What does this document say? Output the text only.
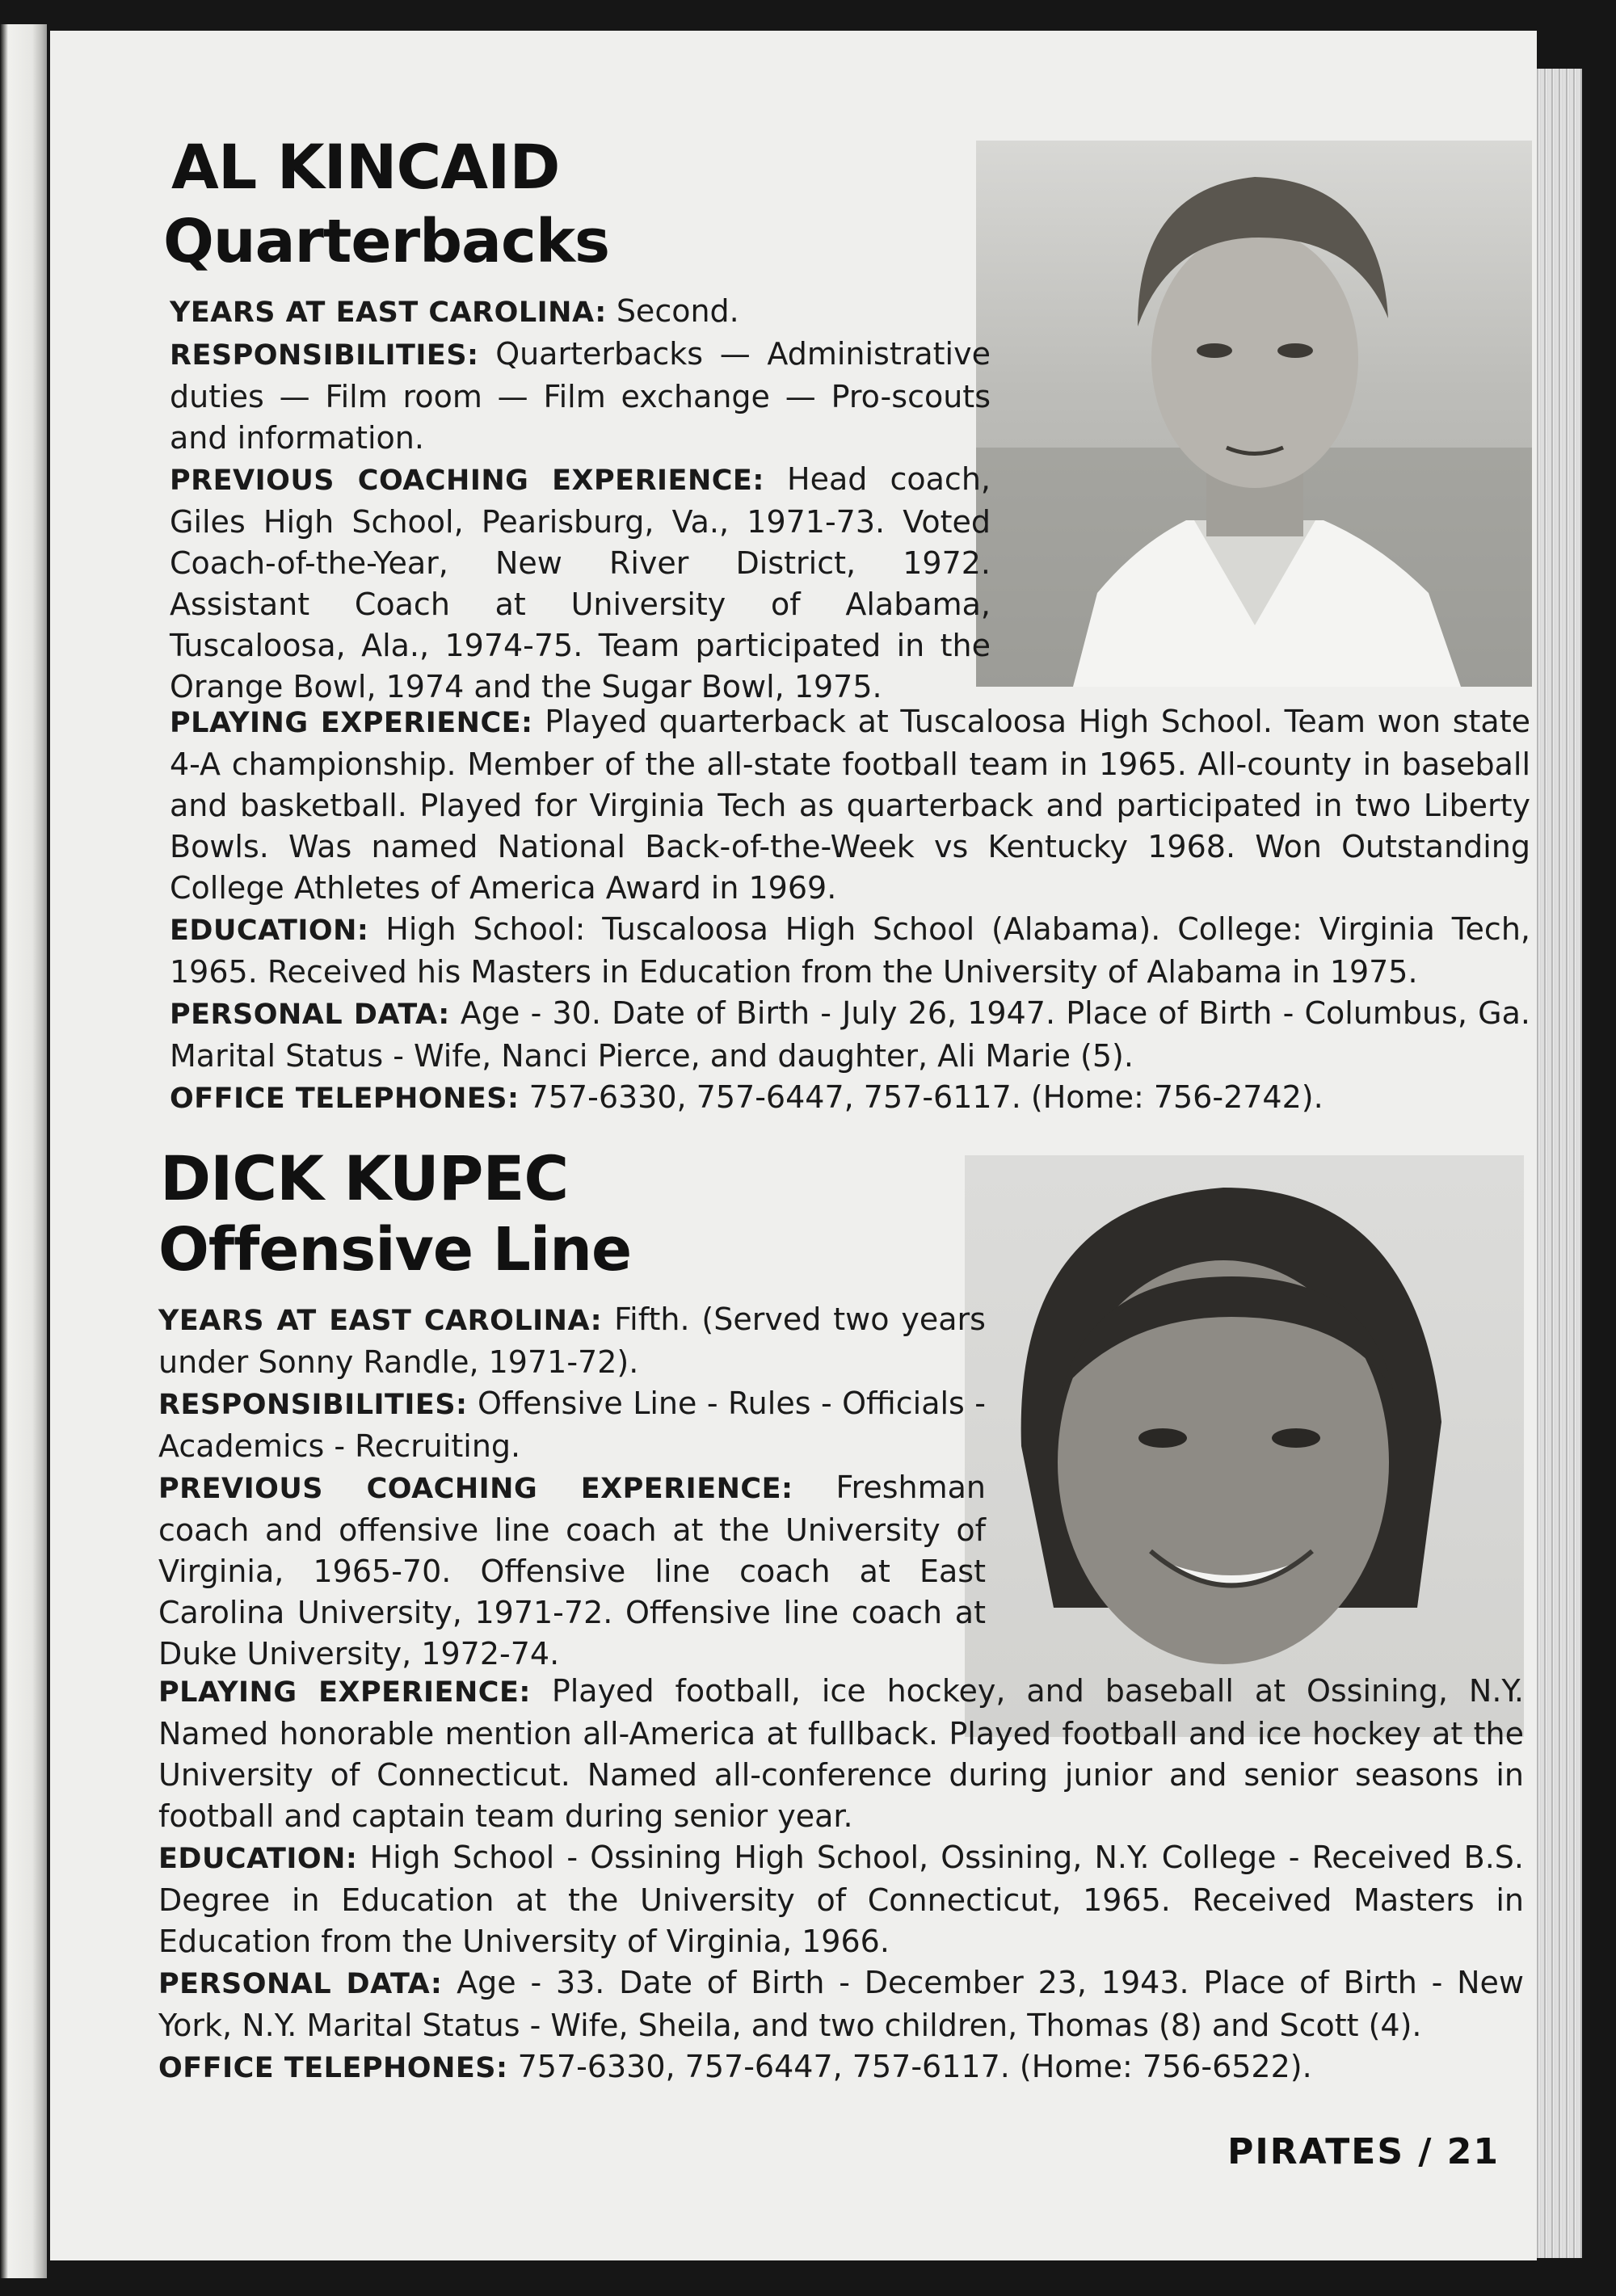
AL KINCAID
Quarterbacks

YEARS AT EAST CAROLINA: Second.

RESPONSIBILITIES: Quarterbacks — Administrative duties — Film room — Film exchange — Pro-scouts and information.

PREVIOUS COACHING EXPERIENCE: Head coach, Giles High School, Pearisburg, Va., 1971-73. Voted Coach-of-the-Year, New River District, 1972. Assistant Coach at University of Alabama, Tuscaloosa, Ala., 1974-75. Team participated in the Orange Bowl, 1974 and the Sugar Bowl, 1975.

PLAYING EXPERIENCE: Played quarterback at Tuscaloosa High School. Team won state 4-A championship. Member of the all-state football team in 1965. All-county in baseball and basketball. Played for Virginia Tech as quarterback and participated in two Liberty Bowls. Was named National Back-of-the-Week vs Kentucky 1968. Won Outstanding College Athletes of America Award in 1969.

EDUCATION: High School: Tuscaloosa High School (Alabama). College: Virginia Tech, 1965. Received his Masters in Education from the University of Alabama in 1975.

PERSONAL DATA: Age - 30. Date of Birth - July 26, 1947. Place of Birth - Columbus, Ga. Marital Status - Wife, Nanci Pierce, and daughter, Ali Marie (5).

OFFICE TELEPHONES: 757-6330, 757-6447, 757-6117. (Home: 756-2742).

DICK KUPEC
Offensive Line

YEARS AT EAST CAROLINA: Fifth. (Served two years under Sonny Randle, 1971-72).

RESPONSIBILITIES: Offensive Line - Rules - Officials - Academics - Recruiting.

PREVIOUS COACHING EXPERIENCE: Freshman coach and offensive line coach at the University of Virginia, 1965-70. Offensive line coach at East Carolina University, 1971-72. Offensive line coach at Duke University, 1972-74.

PLAYING EXPERIENCE: Played football, ice hockey, and baseball at Ossining, N.Y. Named honorable mention all-America at fullback. Played football and ice hockey at the University of Connecticut. Named all-conference during junior and senior seasons in football and captain team during senior year.

EDUCATION: High School - Ossining High School, Ossining, N.Y. College - Received B.S. Degree in Education at the University of Connecticut, 1965. Received Masters in Education from the University of Virginia, 1966.

PERSONAL DATA: Age - 33. Date of Birth - December 23, 1943. Place of Birth - New York, N.Y. Marital Status - Wife, Sheila, and two children, Thomas (8) and Scott (4).

OFFICE TELEPHONES: 757-6330, 757-6447, 757-6117. (Home: 756-6522).

PIRATES / 21
